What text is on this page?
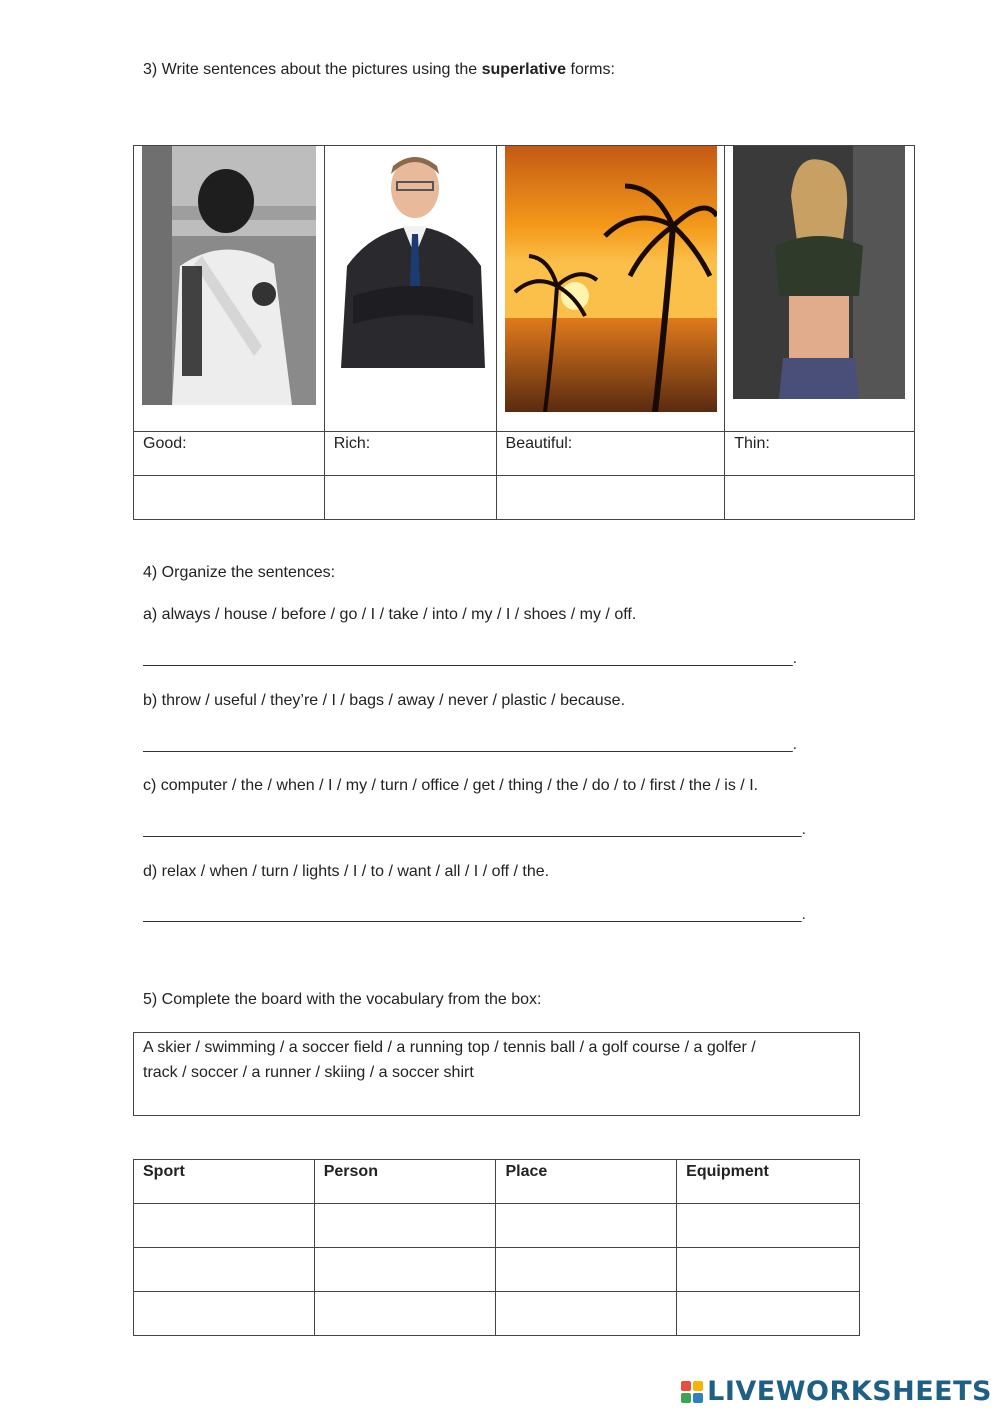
3) Write sentences about the pictures using the superlative forms:

Good:	Rich:	Beautiful:	Thin:

4) Organize the sentences:
a) always / house / before / go / I / take / into / my / I / shoes / my / off.
_________________________________________________________________________.
b) throw / useful / they’re / I / bags / away / never / plastic / because.
_________________________________________________________________________.
c) computer / the / when / I / my / turn / office / get / thing / the / do / to / first / the / is / I.
__________________________________________________________________________.
d) relax / when / turn / lights / I / to / want / all / I / off / the.
__________________________________________________________________________.
5) Complete the board with the vocabulary from the box:
A skier / swimming / a soccer field / a running top / tennis ball / a golf course / a golfer /
track / soccer / a runner / skiing / a soccer shirt
Sport	Person	Place	Equipment

LIVEWORKSHEETS
